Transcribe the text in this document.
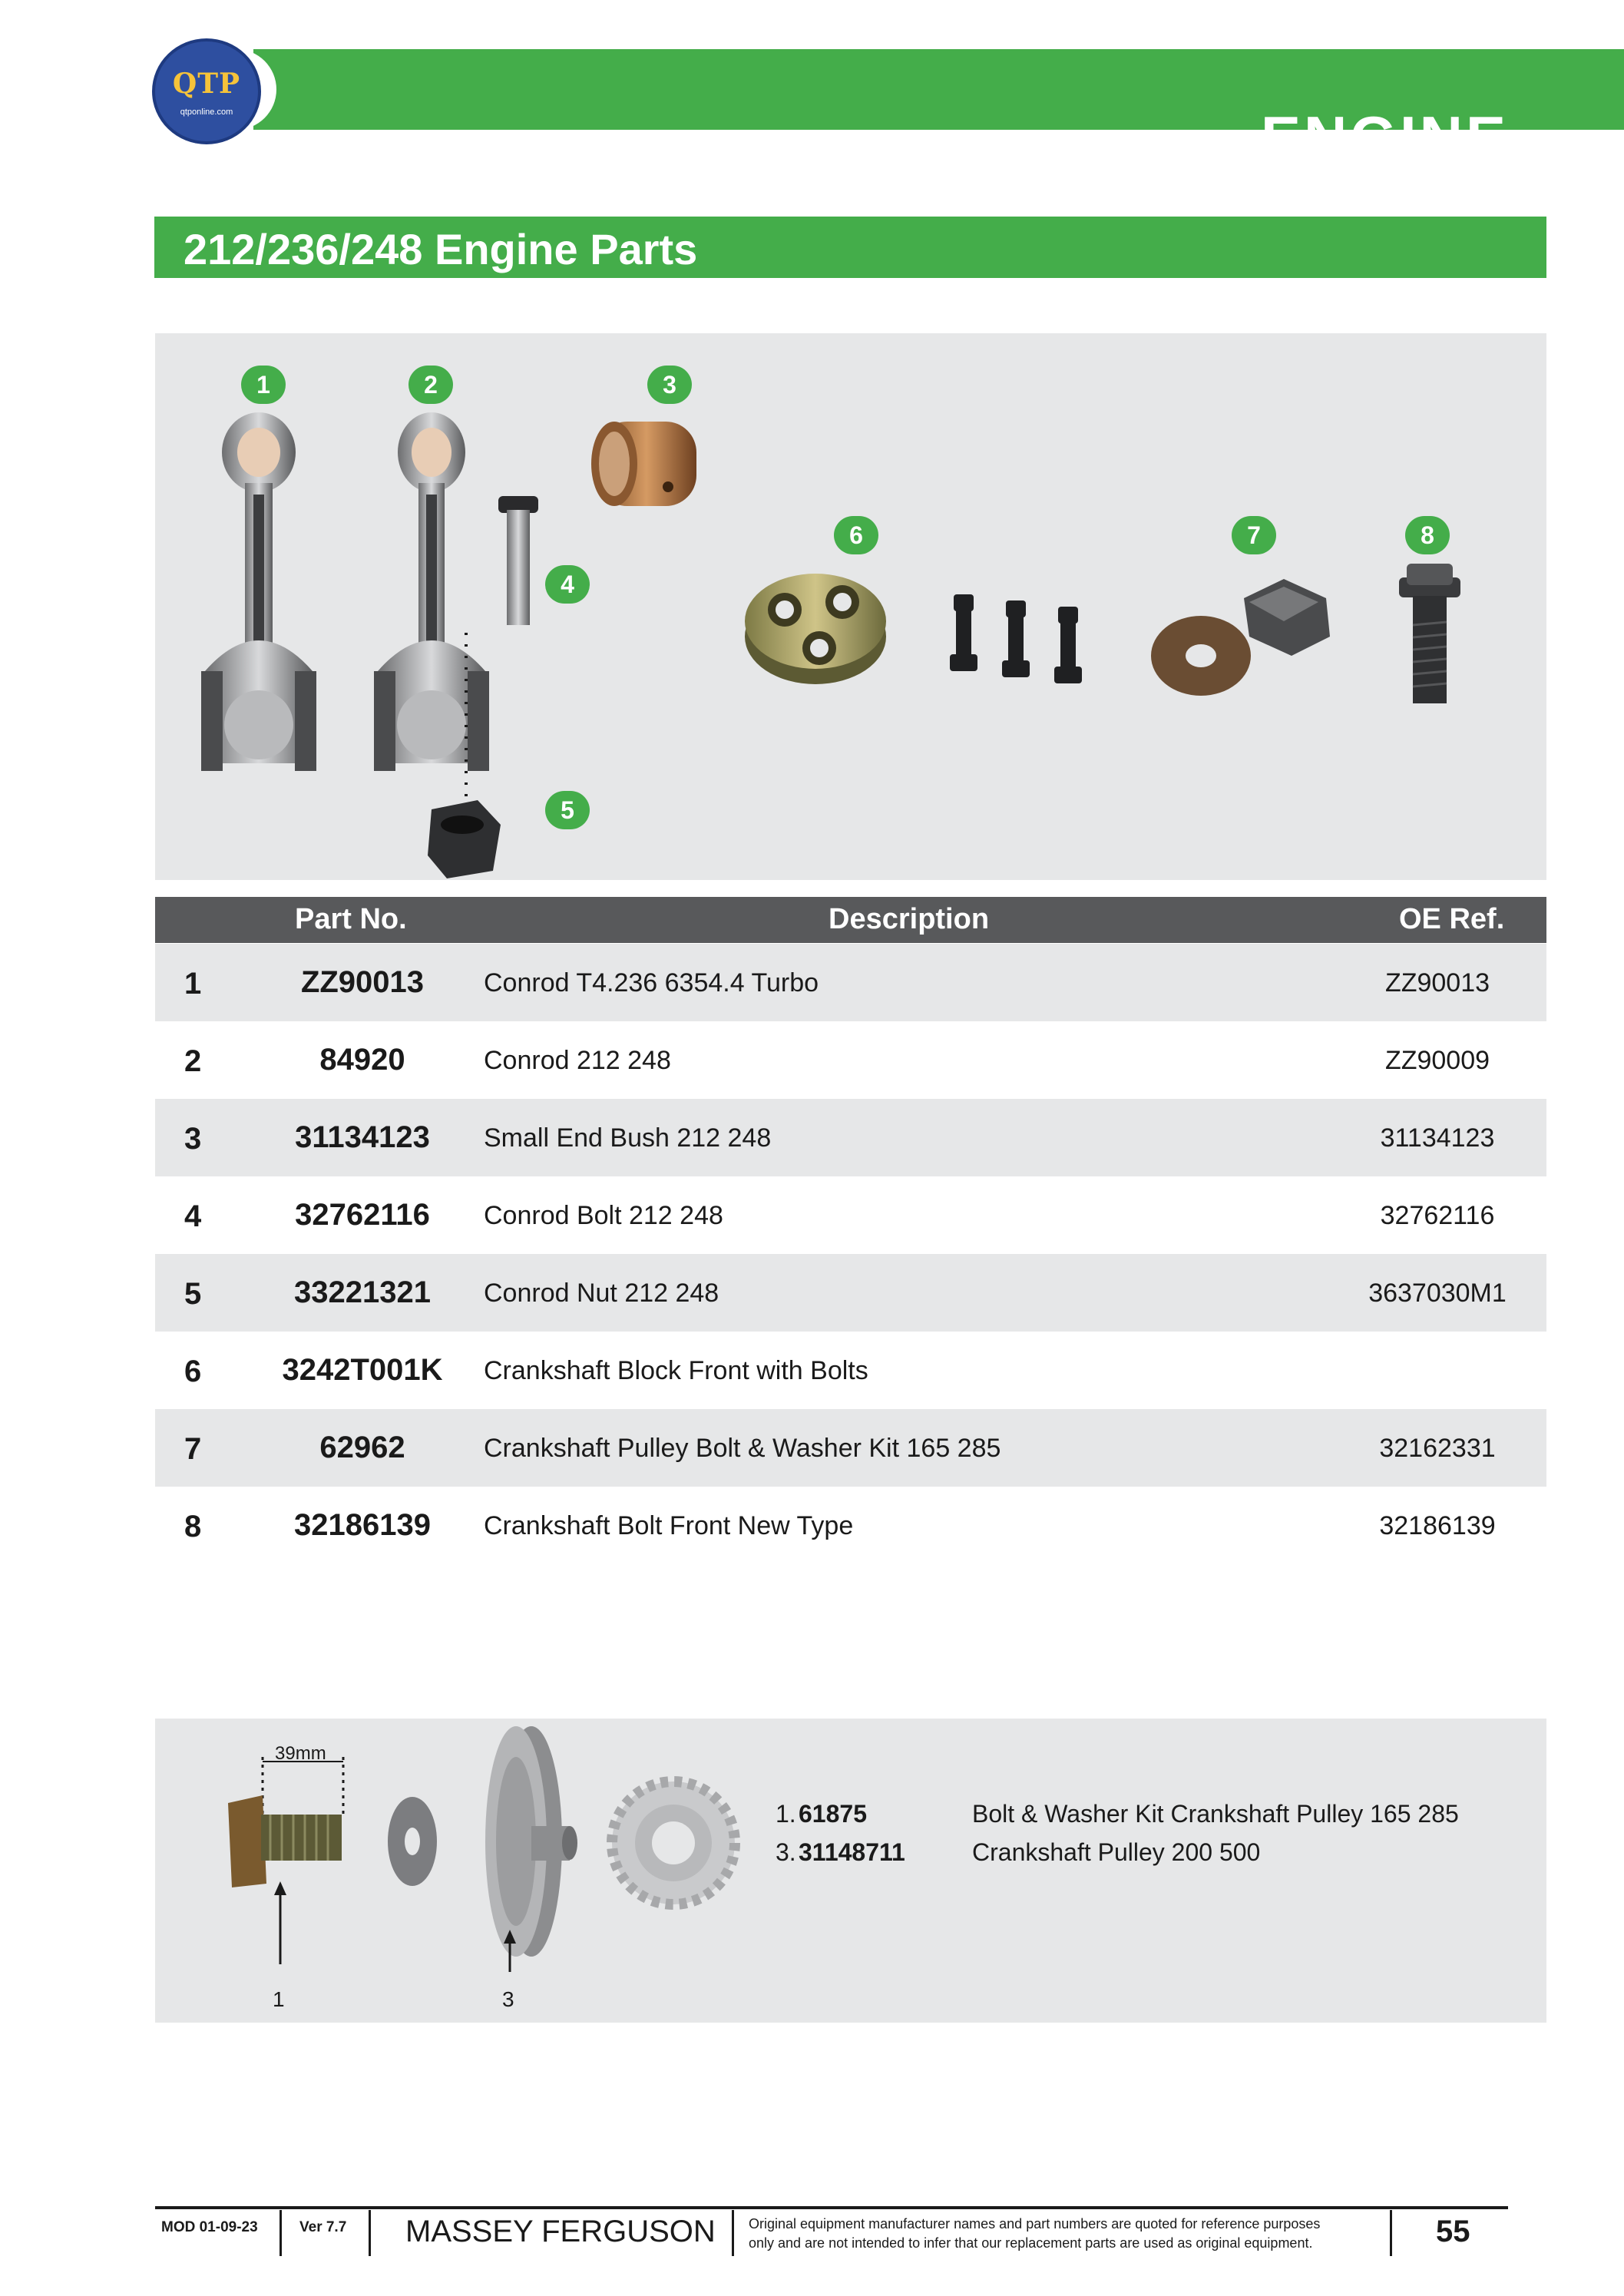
ENGINE
QTP
qtponline.com
212/236/248 Engine Parts
1	2	3
4
5
6	7	8
Part No.	Description	OE Ref.
1	ZZ90013	Conrod T4.236 6354.4 Turbo	ZZ90013
2	84920	Conrod 212 248	ZZ90009
3	31134123	Small End Bush 212 248	31134123
4	32762116	Conrod Bolt 212 248	32762116
5	33221321	Conrod Nut 212 248	3637030M1
6	3242T001K	Crankshaft Block Front with Bolts
7	62962	Crankshaft Pulley Bolt & Washer Kit 165 285	32162331
8	32186139	Crankshaft Bolt Front New Type	32186139
39mm
1	3
1. 61875	Bolt & Washer Kit Crankshaft Pulley 165 285
3. 31148711	Crankshaft Pulley 200 500
MOD 01-09-23	Ver 7.7 MASSEY FERGUSON Original equipment manufacturer names and part numbers are quoted for reference purposes
only and are not intended to infer that our replacement parts are used as original equipment.	55
